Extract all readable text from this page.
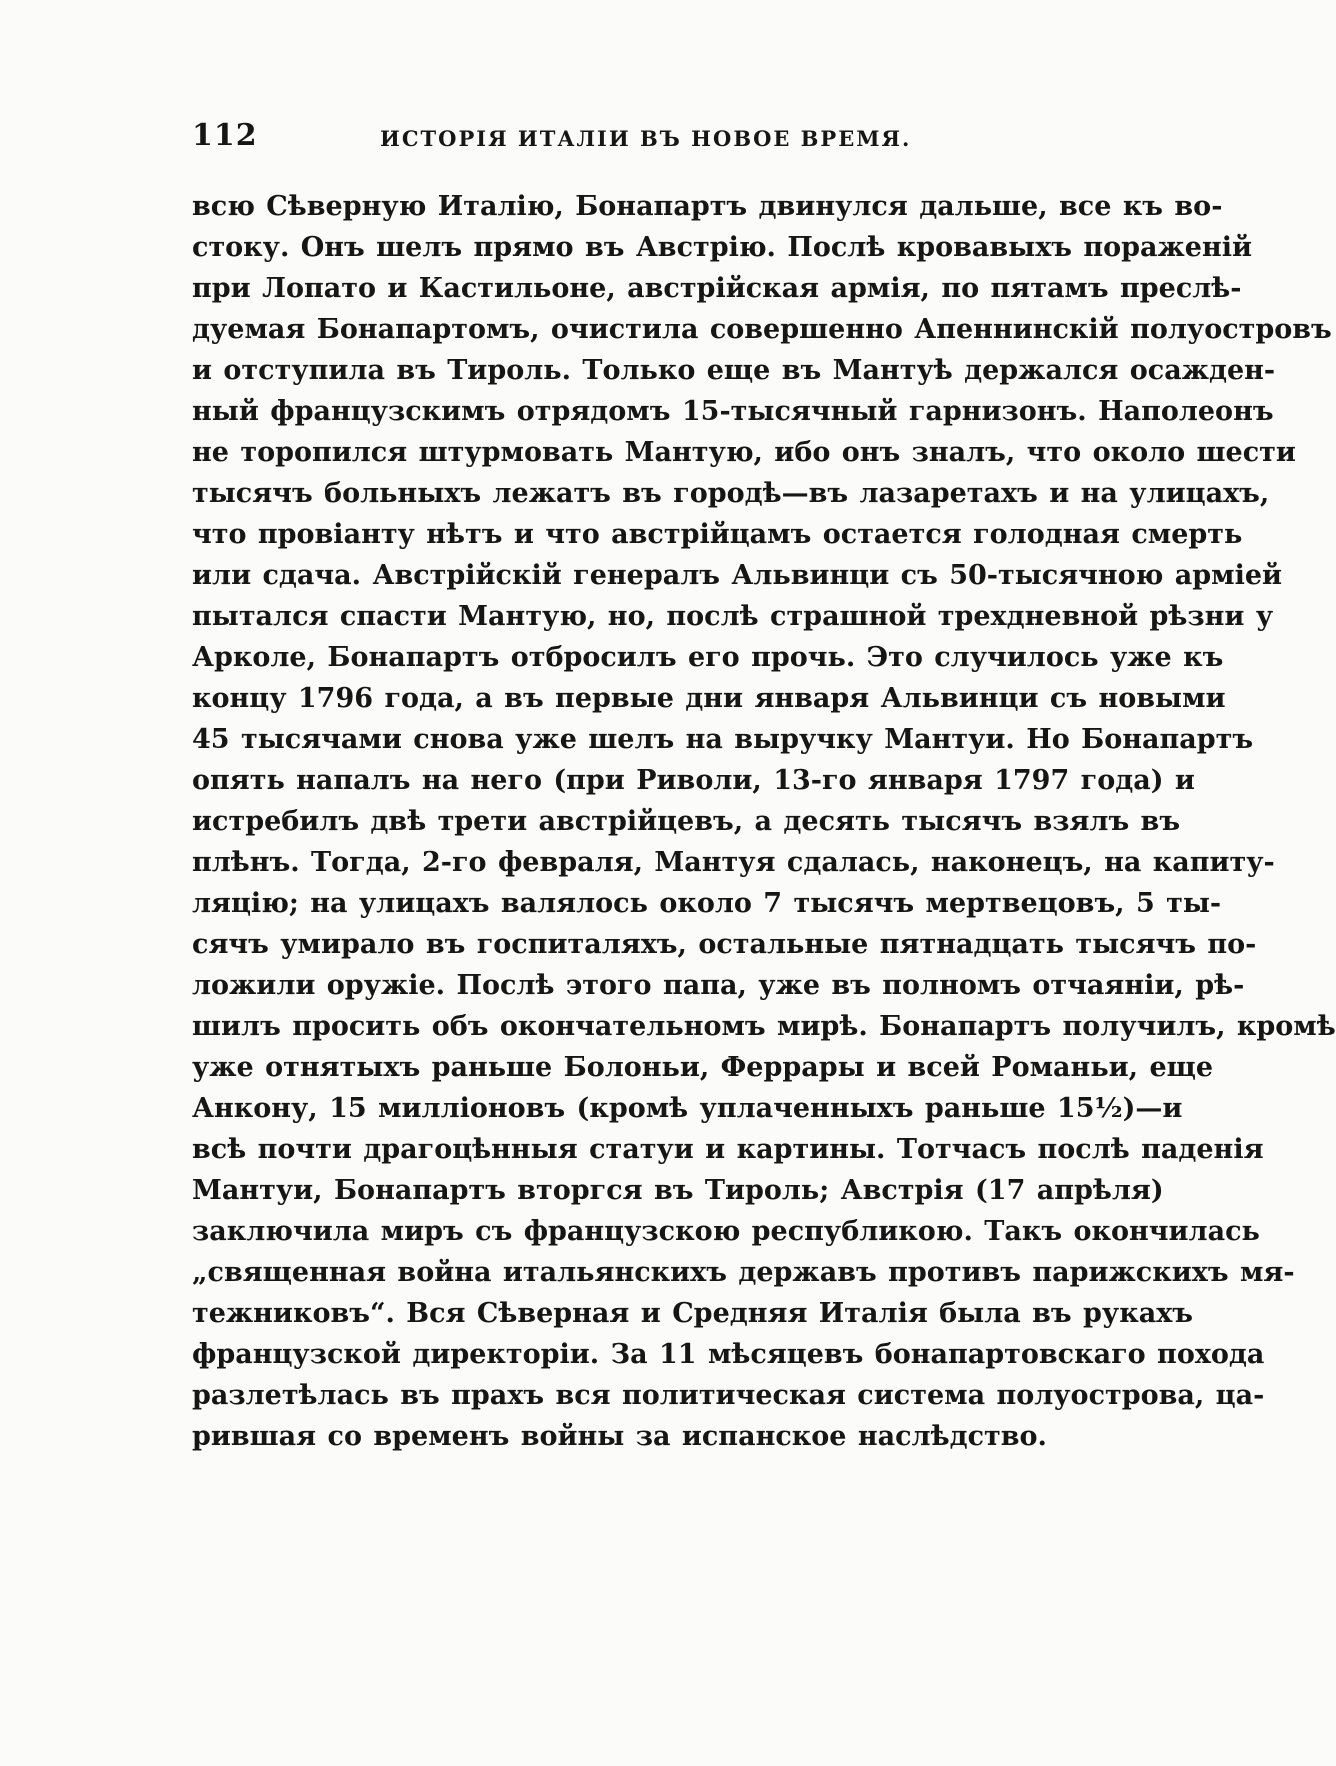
112	ИСТОРІЯ ИТАЛІИ ВЪ НОВОЕ ВРЕМЯ.
всю Сѣверную Италію, Бонапартъ двинулся дальше, все къ во-
стоку. Онъ шелъ прямо въ Австрію. Послѣ кровавыхъ пораженій
при Лопато и Кастильоне, австрійская армія, по пятамъ преслѣ-
дуемая Бонапартомъ, очистила совершенно Апеннинскій полуостровъ
и отступила въ Тироль. Только еще въ Мантуѣ держался осажден-
ный французскимъ отрядомъ 15-тысячный гарнизонъ. Наполеонъ
не торопился штурмовать Мантую, ибо онъ зналъ, что около шести
тысячъ больныхъ лежатъ въ городѣ—въ лазаретахъ и на улицахъ,
что провіанту нѣтъ и что австрійцамъ остается голодная смерть
или сдача. Австрійскій генералъ Альвинци съ 50-тысячною арміей
пытался спасти Мантую, но, послѣ страшной трехдневной рѣзни у
Арколе, Бонапартъ отбросилъ его прочь. Это случилось уже къ
концу 1796 года, а въ первые дни января Альвинци съ новыми
45 тысячами снова уже шелъ на выручку Мантуи. Но Бонапартъ
опять напалъ на него (при Риволи, 13-го января 1797 года) и
истребилъ двѣ трети австрійцевъ, а десять тысячъ взялъ въ
плѣнъ. Тогда, 2-го февраля, Мантуя сдалась, наконецъ, на капиту-
ляцію; на улицахъ валялось около 7 тысячъ мертвецовъ, 5 ты-
сячъ умирало въ госпиталяхъ, остальные пятнадцать тысячъ по-
ложили оружіе. Послѣ этого папа, уже въ полномъ отчаяніи, рѣ-
шилъ просить объ окончательномъ мирѣ. Бонапартъ получилъ, кромѣ
уже отнятыхъ раньше Болоньи, Феррары и всей Романьи, еще
Анкону, 15 милліоновъ (кромѣ уплаченныхъ раньше 15½)—и
всѣ почти драгоцѣнныя статуи и картины. Тотчасъ послѣ паденія
Мантуи, Бонапартъ вторгся въ Тироль; Австрія (17 апрѣля)
заключила миръ съ французскою республикою. Такъ окончилась
„священная война итальянскихъ державъ противъ парижскихъ мя-
тежниковъ“. Вся Сѣверная и Средняя Италія была въ рукахъ
французской директоріи. За 11 мѣсяцевъ бонапартовскаго похода
разлетѣлась въ прахъ вся политическая система полуострова, ца-
рившая со временъ войны за испанское наслѣдство.
